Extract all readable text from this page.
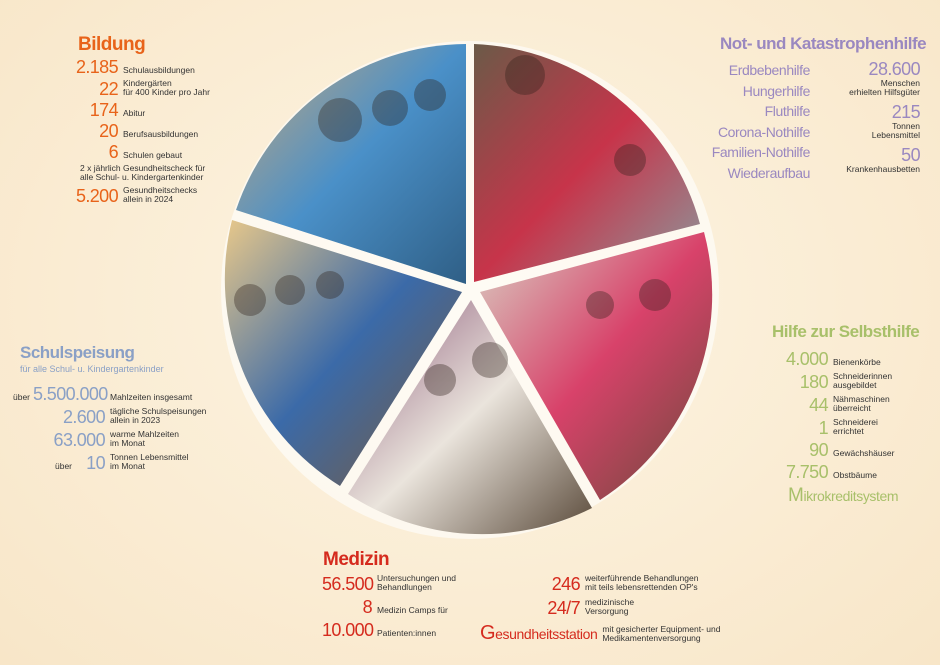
Bildung
2.185 Schulausbildungen
22 Kindergärten
für 400 Kinder pro Jahr
174 Abitur
20 Berufsausbildungen
6 Schulen gebaut
2 x jährlich Gesundheitscheck für
alle Schul- u. Kindergartenkinder
5.200 Gesundheitschecks
allein in 2024
Not- und Katastrophenhilfe
Erdbebenhilfe
Hungerhilfe
Fluthilfe
Corona-Nothilfe
Familien-Nothilfe
Wiederaufbau
28.600
Menschen
erhielten Hilfsgüter
215
Tonnen
Lebensmittel
50
Krankenhausbetten
Schulspeisung
für alle Schul- u. Kindergartenkinder
über 5.500.000 Mahlzeiten insgesamt
2.600 tägliche Schulspeisungen
allein in 2023
63.000 warme Mahlzeiten
im Monat
über 10 Tonnen Lebensmittel
im Monat
Hilfe zur Selbsthilfe
4.000 Bienenkörbe
180 Schneiderinnen
ausgebildet
44 Nähmaschinen
überreicht
1 Schneiderei
errichtet
90 Gewächshäuser
7.750 Obstbäume
Mikrokreditsystem
Medizin
56.500 Untersuchungen und
Behandlungen
8 Medizin Camps für
10.000 Patienten:innen
246 weiterführende Behandlungen
mit teils lebensrettenden OP's
24/7 medizinische
Versorgung
Gesundheitsstation mit gesicherter Equipment- und
Medikamentenversorgung
